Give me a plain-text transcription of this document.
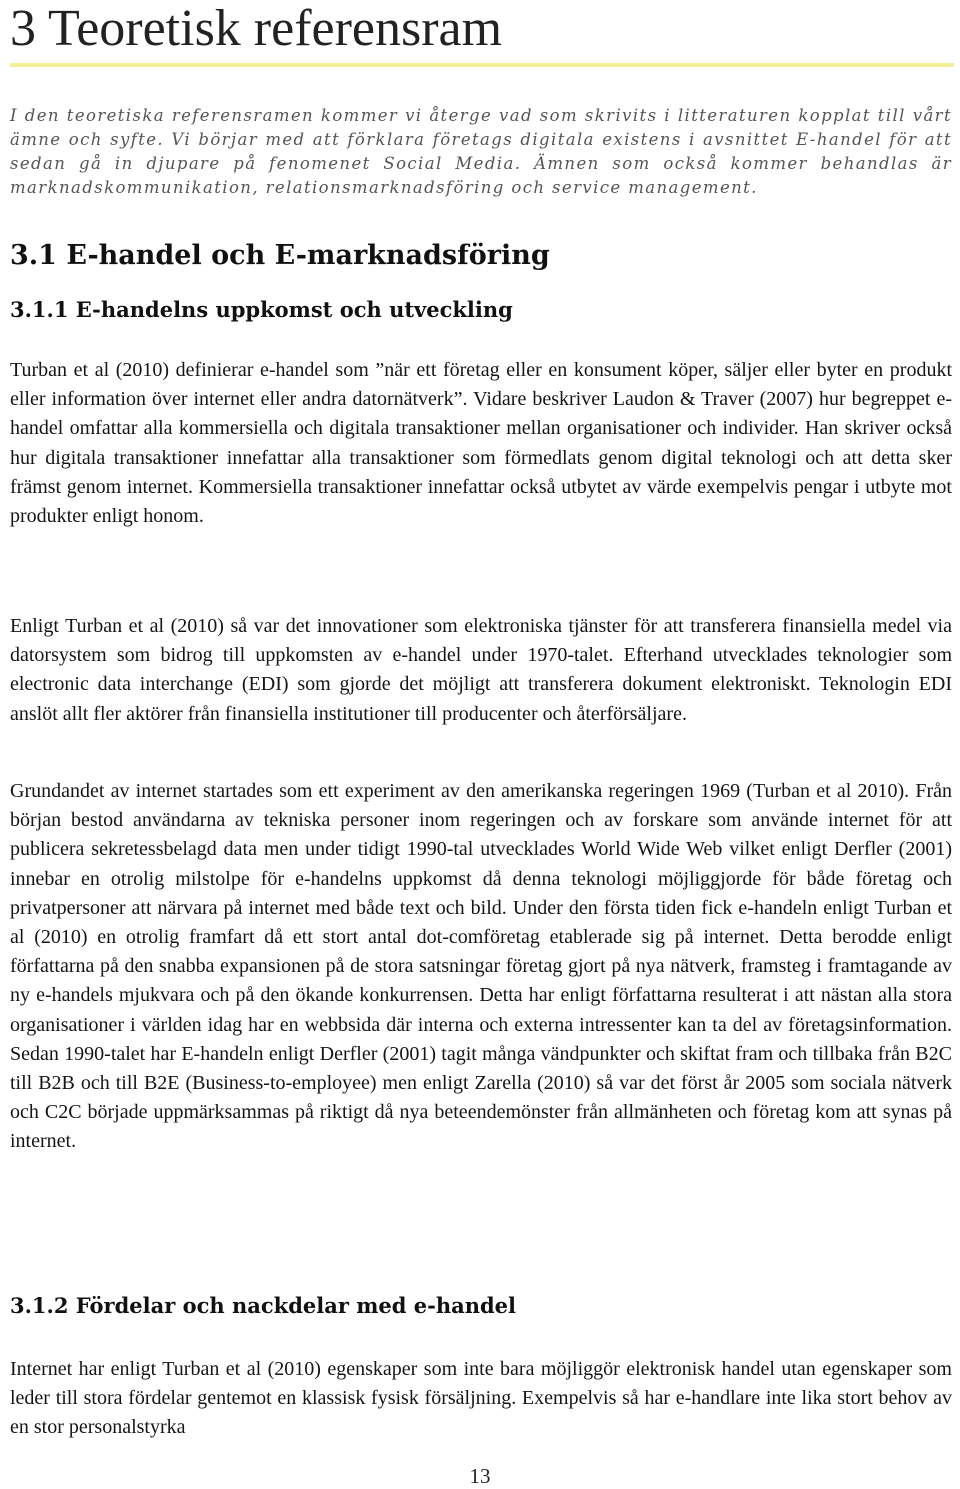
3 Teoretisk referensram

I den teoretiska referensramen kommer vi återge vad som skrivits i litteraturen kopplat till vårt ämne och syfte. Vi börjar med att förklara företags digitala existens i avsnittet E-handel för att sedan gå in djupare på fenomenet Social Media. Ämnen som också kommer behandlas är marknadskommunikation, relationsmarknadsföring och service management.

3.1 E-handel och E-marknadsföring
3.1.1 E-handelns uppkomst och utveckling

Turban et al (2010) definierar e-handel som ”när ett företag eller en konsument köper, säljer eller byter en produkt eller information över internet eller andra datornätverk”. Vidare beskriver Laudon & Traver (2007) hur begreppet e-handel omfattar alla kommersiella och digitala transaktioner mellan organisationer och individer. Han skriver också hur digitala transaktioner innefattar alla transaktioner som förmedlats genom digital teknologi och att detta sker främst genom internet. Kommersiella transaktioner innefattar också utbytet av värde exempelvis pengar i utbyte mot produkter enligt honom.

Enligt Turban et al (2010) så var det innovationer som elektroniska tjänster för att transferera finansiella medel via datorsystem som bidrog till uppkomsten av e-handel under 1970-talet. Efterhand utvecklades teknologier som electronic data interchange (EDI) som gjorde det möjligt att transferera dokument elektroniskt. Teknologin EDI anslöt allt fler aktörer från finansiella institutioner till producenter och återförsäljare.

Grundandet av internet startades som ett experiment av den amerikanska regeringen 1969 (Turban et al 2010). Från början bestod användarna av tekniska personer inom regeringen och av forskare som använde internet för att publicera sekretessbelagd data men under tidigt 1990-tal utvecklades World Wide Web vilket enligt Derfler (2001) innebar en otrolig milstolpe för e-handelns uppkomst då denna teknologi möjliggjorde för både företag och privatpersoner att närvara på internet med både text och bild. Under den första tiden fick e-handeln enligt Turban et al (2010) en otrolig framfart då ett stort antal dot-comföretag etablerade sig på internet. Detta berodde enligt författarna på den snabba expansionen på de stora satsningar företag gjort på nya nätverk, framsteg i framtagande av ny e-handels mjukvara och på den ökande konkurrensen. Detta har enligt författarna resulterat i att nästan alla stora organisationer i världen idag har en webbsida där interna och externa intressenter kan ta del av företagsinformation. Sedan 1990-talet har E-handeln enligt Derfler (2001) tagit många vändpunkter och skiftat fram och tillbaka från B2C till B2B och till B2E (Business-to-employee) men enligt Zarella (2010) så var det först år 2005 som sociala nätverk och C2C började uppmärksammas på riktigt då nya beteendemönster från allmänheten och företag kom att synas på internet.

3.1.2 Fördelar och nackdelar med e-handel

Internet har enligt Turban et al (2010) egenskaper som inte bara möjliggör elektronisk handel utan egenskaper som leder till stora fördelar gentemot en klassisk fysisk försäljning. Exempelvis så har e-handlare inte lika stort behov av en stor personalstyrka

13
